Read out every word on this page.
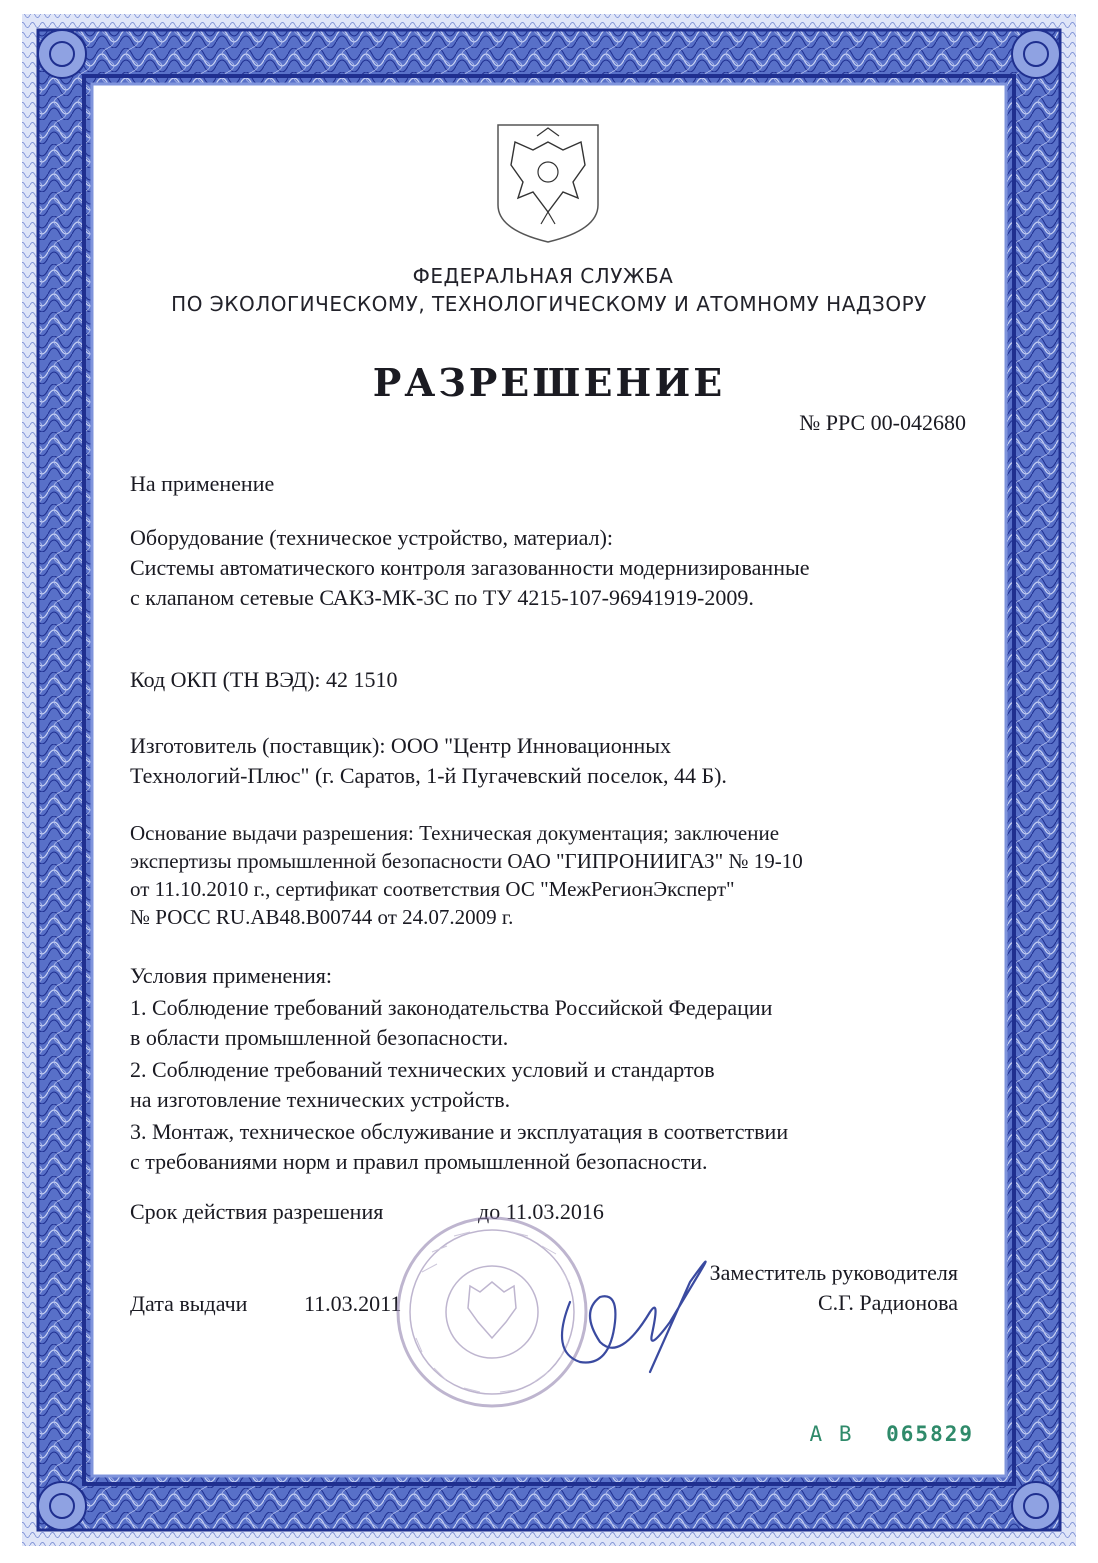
ФЕДЕРАЛЬНАЯ СЛУЖБА
ПО ЭКОЛОГИЧЕСКОМУ, ТЕХНОЛОГИЧЕСКОМУ И АТОМНОМУ НАДЗОРУ
РАЗРЕШЕНИЕ
№ РРС 00-042680
На применение
Оборудование (техническое устройство, материал):
Системы автоматического контроля загазованности модернизированные
с клапаном сетевые САКЗ-МК-3С по ТУ 4215-107-96941919-2009.
Код ОКП (ТН ВЭД): 42 1510
Изготовитель (поставщик): ООО "Центр Инновационных
Технологий-Плюс" (г. Саратов, 1-й Пугачевский поселок, 44 Б).
Основание выдачи разрешения: Техническая документация; заключение
экспертизы промышленной безопасности ОАО "ГИПРОНИИГАЗ" № 19-10
от 11.10.2010 г., сертификат соответствия ОС "МежРегионЭксперт"
№ РОСС RU.АВ48.В00744 от 24.07.2009 г.
Условия применения:
1. Соблюдение требований законодательства Российской Федерации
в области промышленной безопасности.
2. Соблюдение требований технических условий и стандартов
на изготовление технических устройств.
3. Монтаж, техническое обслуживание и эксплуатация в соответствии
с требованиями норм и правил промышленной безопасности.
Срок действия разрешения	до 11.03.2016
Заместитель руководителя
С.Г. Радионова
Дата выдачи	11.03.2011
А В 065829
